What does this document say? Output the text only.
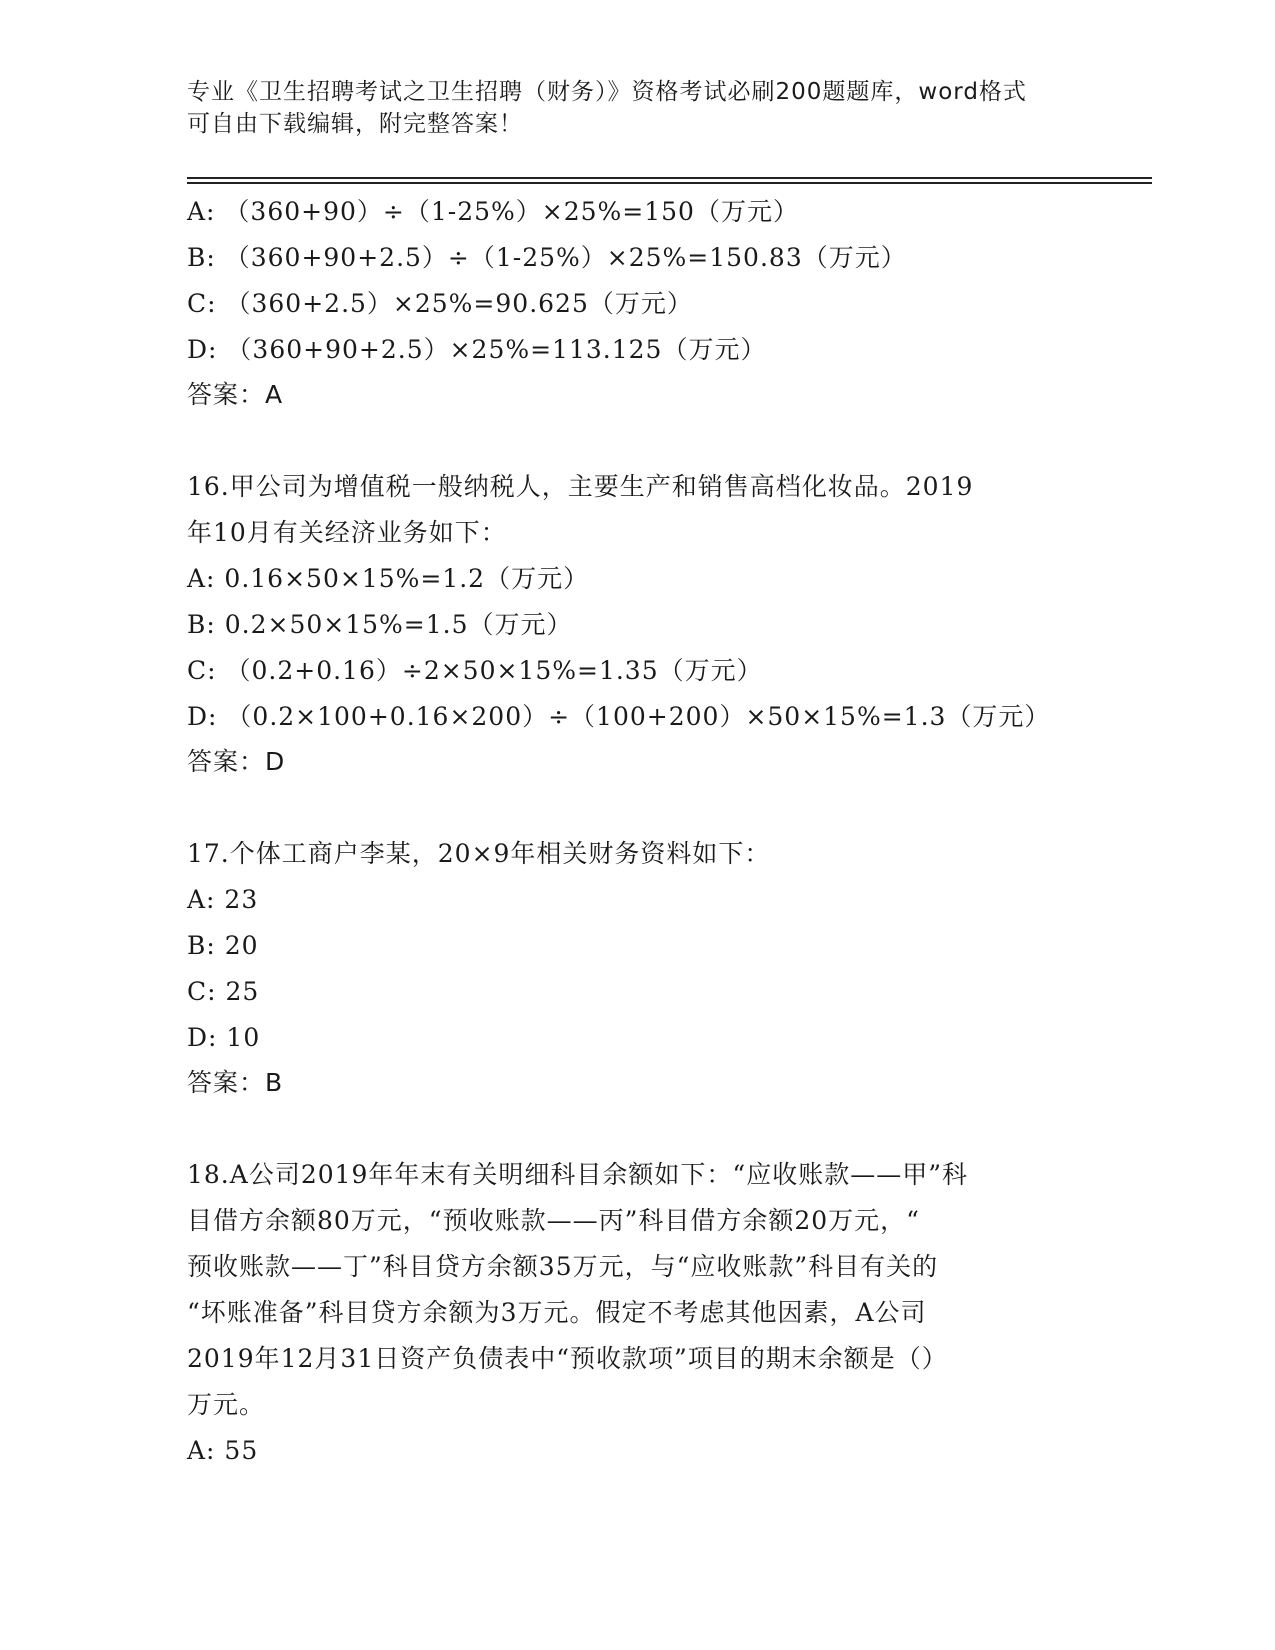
专业《卫生招聘考试之卫生招聘（财务）》资格考试必刷200题题库，word格式
可自由下载编辑，附完整答案！
A: （360+90）÷（1-25%）×25%=150（万元）
B: （360+90+2.5）÷（1-25%）×25%=150.83（万元）
C: （360+2.5）×25%=90.625（万元）
D: （360+90+2.5）×25%=113.125（万元）
答案：A
16.甲公司为增值税一般纳税人，主要生产和销售高档化妆品。2019
年10月有关经济业务如下：
A: 0.16×50×15%=1.2（万元）
B: 0.2×50×15%=1.5（万元）
C: （0.2+0.16）÷2×50×15%=1.35（万元）
D: （0.2×100+0.16×200）÷（100+200）×50×15%=1.3（万元）
答案：D
17.个体工商户李某，20×9年相关财务资料如下：
A: 23
B: 20
C: 25
D: 10
答案：B
18.A公司2019年年末有关明细科目余额如下：“应收账款——甲”科
目借方余额80万元，“预收账款——丙”科目借方余额20万元，“
预收账款——丁”科目贷方余额35万元，与“应收账款”科目有关的
“坏账准备”科目贷方余额为3万元。假定不考虑其他因素，A公司
2019年12月31日资产负债表中“预收款项”项目的期末余额是（）
万元。
A: 55
